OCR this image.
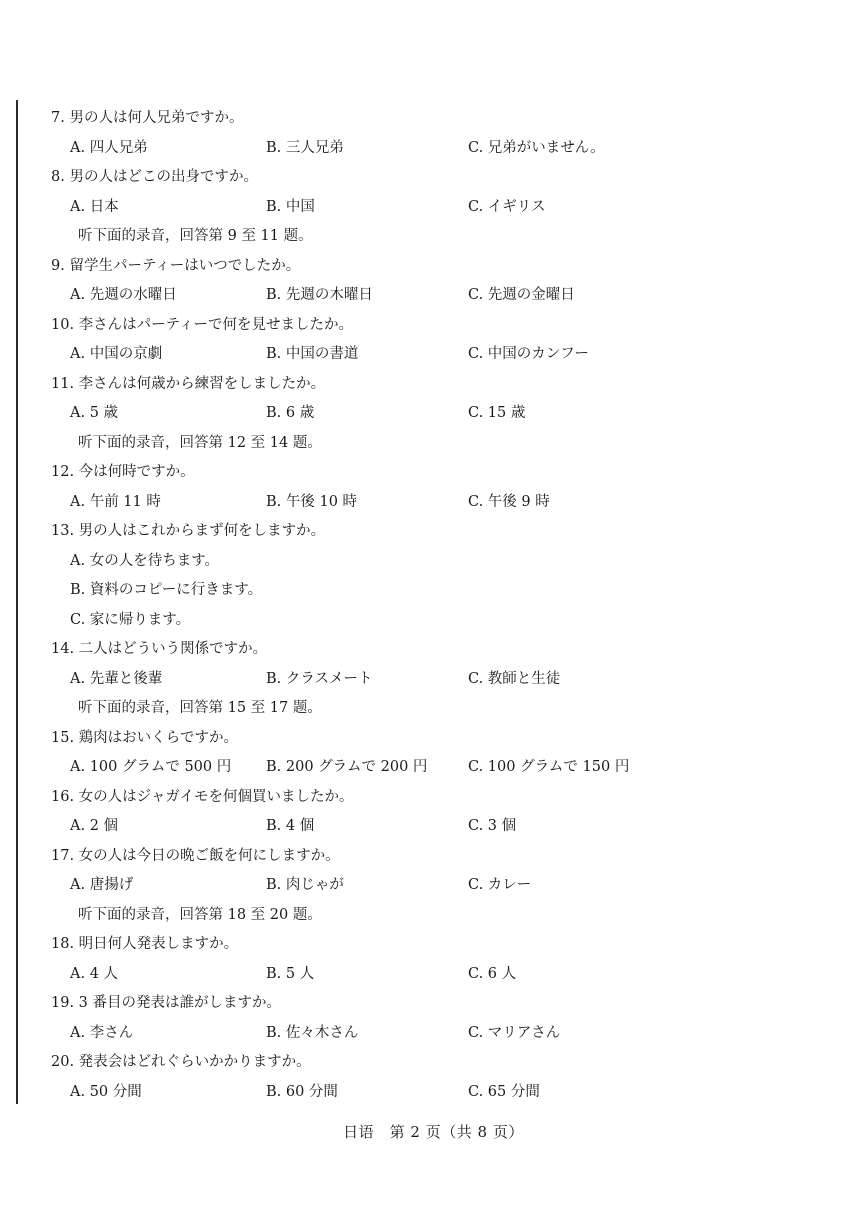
7. 男の人は何人兄弟ですか。
A. 四人兄弟	B. 三人兄弟	C. 兄弟がいません。
8. 男の人はどこの出身ですか。
A. 日本	B. 中国	C. イギリス
听下面的录音，回答第 9 至 11 题。
9. 留学生パーティーはいつでしたか。
A. 先週の水曜日	B. 先週の木曜日	C. 先週の金曜日
10. 李さんはパーティーで何を見せましたか。
A. 中国の京劇	B. 中国の書道	C. 中国のカンフー
11. 李さんは何歳から練習をしましたか。
A. 5 歳	B. 6 歳	C. 15 歳
听下面的录音，回答第 12 至 14 题。
12. 今は何時ですか。
A. 午前 11 時	B. 午後 10 時	C. 午後 9 時
13. 男の人はこれからまず何をしますか。
A. 女の人を待ちます。
B. 資料のコピーに行きます。
C. 家に帰ります。
14. 二人はどういう関係ですか。
A. 先輩と後輩	B. クラスメート	C. 教師と生徒
听下面的录音，回答第 15 至 17 题。
15. 鶏肉はおいくらですか。
A. 100 グラムで 500 円 B. 200 グラムで 200 円	C. 100 グラムで 150 円
16. 女の人はジャガイモを何個買いましたか。
A. 2 個	B. 4 個	C. 3 個
17. 女の人は今日の晩ご飯を何にしますか。
A. 唐揚げ	B. 肉じゃが	C. カレー
听下面的录音，回答第 18 至 20 题。
18. 明日何人発表しますか。
A. 4 人	B. 5 人	C. 6 人
19. 3 番目の発表は誰がしますか。
A. 李さん	B. 佐々木さん	C. マリアさん
20. 発表会はどれぐらいかかりますか。
A. 50 分間	B. 60 分間	C. 65 分間
日语　第 2 页（共 8 页）
